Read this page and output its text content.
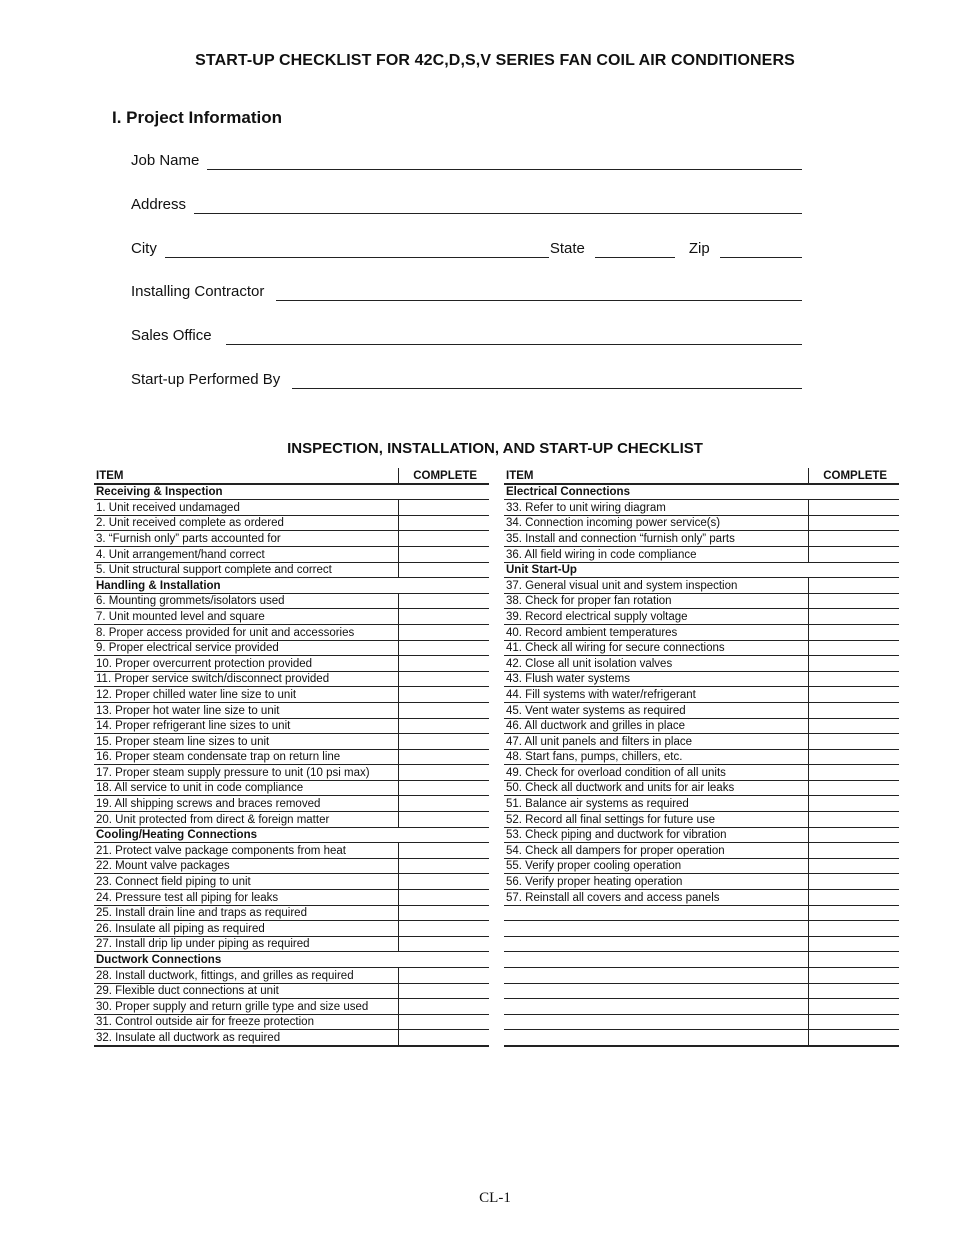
START-UP CHECKLIST FOR 42C,D,S,V SERIES FAN COIL AIR CONDITIONERS
I. Project Information
Job Name
Address
City	State	Zip
Installing Contractor
Sales Office
Start-up Performed By
INSPECTION, INSTALLATION, AND START-UP CHECKLIST
ITEM	COMPLETE
Receiving & Inspection	
1. Unit received undamaged	
2. Unit received complete as ordered	
3. “Furnish only” parts accounted for	
4. Unit arrangement/hand correct	
5. Unit structural support complete and correct	
Handling & Installation	
6. Mounting grommets/isolators used	
7. Unit mounted level and square	
8. Proper access provided for unit and accessories	
9. Proper electrical service provided	
10. Proper overcurrent protection provided	
11. Proper service switch/disconnect provided	
12. Proper chilled water line size to unit	
13. Proper hot water line size to unit	
14. Proper refrigerant line sizes to unit	
15. Proper steam line sizes to unit	
16. Proper steam condensate trap on return line	
17. Proper steam supply pressure to unit (10 psi max)	
18. All service to unit in code compliance	
19. All shipping screws and braces removed	
20. Unit protected from direct & foreign matter	
Cooling/Heating Connections	
21. Protect valve package components from heat	
22. Mount valve packages	
23. Connect field piping to unit	
24. Pressure test all piping for leaks	
25. Install drain line and traps as required	
26. Insulate all piping as required	
27. Install drip lip under piping as required	
Ductwork Connections	
28. Install ductwork, fittings, and grilles as required	
29. Flexible duct connections at unit	
30. Proper supply and return grille type and size used	
31. Control outside air for freeze protection	
32. Insulate all ductwork as required	
ITEM	COMPLETE
Electrical Connections	
33. Refer to unit wiring diagram	
34. Connection incoming power service(s)	
35. Install and connection “furnish only” parts	
36. All field wiring in code compliance	
Unit Start-Up	
37. General visual unit and system inspection	
38. Check for proper fan rotation	
39. Record electrical supply voltage	
40. Record ambient temperatures	
41. Check all wiring for secure connections	
42. Close all unit isolation valves	
43. Flush water systems	
44. Fill systems with water/refrigerant	
45. Vent water systems as required	
46. All ductwork and grilles in place	
47. All unit panels and filters in place	
48. Start fans, pumps, chillers, etc.	
49. Check for overload condition of all units	
50. Check all ductwork and units for air leaks	
51. Balance air systems as required	
52. Record all final settings for future use	
53. Check piping and ductwork for vibration	
54. Check all dampers for proper operation	
55. Verify proper cooling operation	
56. Verify proper heating operation	
57. Reinstall all covers and access panels	

CL-1
